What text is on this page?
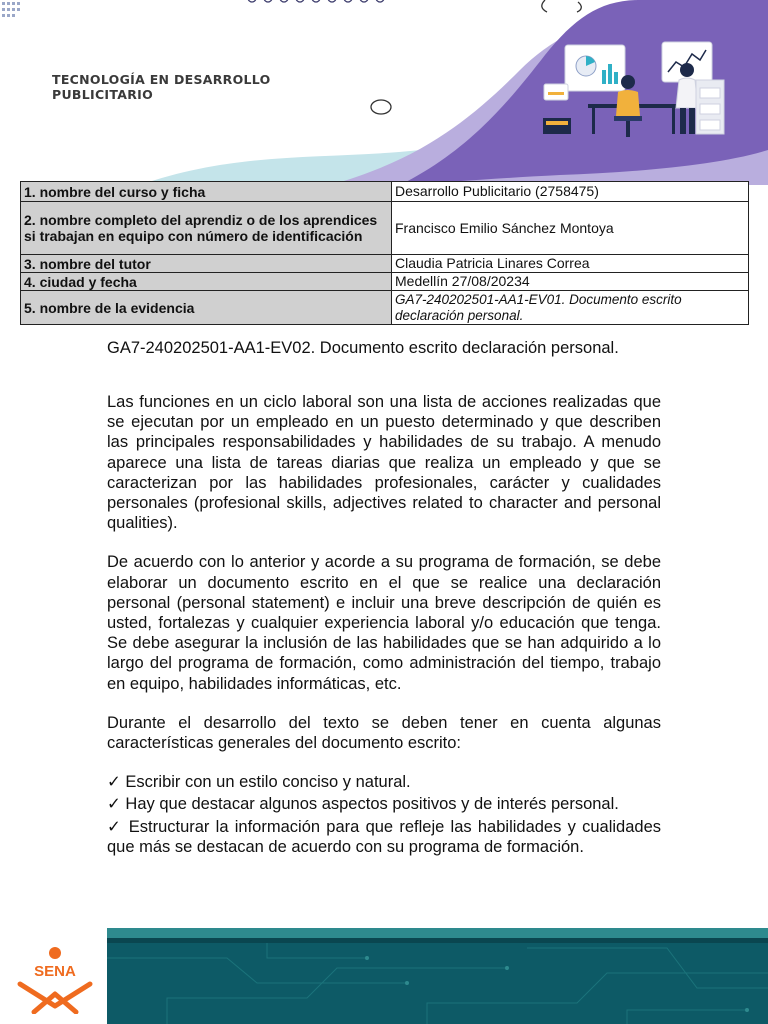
TECNOLOGÍA EN DESARROLLO PUBLICITARIO
1. nombre del curso y ficha	Desarrollo Publicitario (2758475)
2. nombre completo del aprendiz o de los aprendices si trabajan en equipo con número de identificación	Francisco Emilio Sánchez Montoya
3. nombre del tutor	Claudia Patricia Linares Correa
4. ciudad y fecha	Medellín 27/08/20234
5. nombre de la evidencia	GA7-240202501-AA1-EV01. Documento escrito declaración personal.
GA7-240202501-AA1-EV02. Documento escrito declaración personal.

Las funciones en un ciclo laboral son una lista de acciones realizadas que se ejecutan por un empleado en un puesto determinado y que describen las principales responsabilidades y habilidades de su trabajo. A menudo aparece una lista de tareas diarias que realiza un empleado y que se caracterizan por las habilidades profesionales, carácter y cualidades personales (profesional skills, adjectives related to character and personal qualities).

De acuerdo con lo anterior y acorde a su programa de formación, se debe elaborar un documento escrito en el que se realice una declaración personal (personal statement) e incluir una breve descripción de quién es usted, fortalezas y cualquier experiencia laboral y/o educación que tenga. Se debe asegurar la inclusión de las habilidades que se han adquirido a lo largo del programa de formación, como administración del tiempo, trabajo en equipo, habilidades informáticas, etc.

Durante el desarrollo del texto se deben tener en cuenta algunas características generales del documento escrito:

✓ Escribir con un estilo conciso y natural.
✓ Hay que destacar algunos aspectos positivos y de interés personal.
✓ Estructurar la información para que refleje las habilidades y cualidades que más se destacan de acuerdo con su programa de formación.
SENA
